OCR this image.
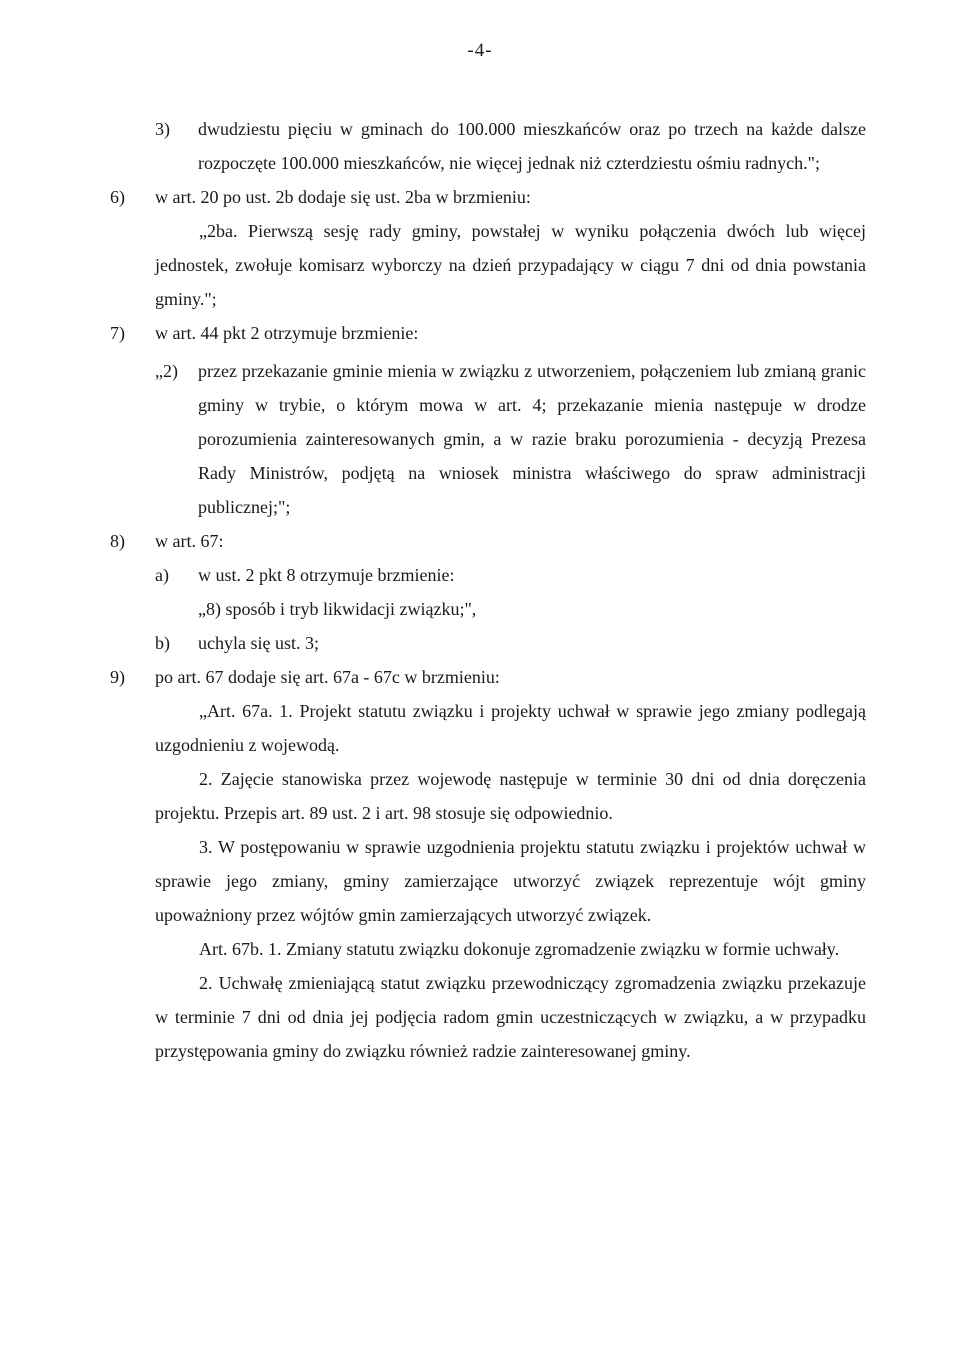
-4-
3) dwudziestu pięciu w gminach do 100.000 mieszkańców oraz po trzech na każde dalsze rozpoczęte 100.000 mieszkańców, nie więcej jednak niż czterdziestu ośmiu radnych.";
6) w art. 20 po ust. 2b dodaje się ust. 2ba w brzmieniu:
„2ba. Pierwszą sesję rady gminy, powstałej w wyniku połączenia dwóch lub więcej jednostek, zwołuje komisarz wyborczy na dzień przypadający w ciągu 7 dni od dnia powstania gminy.";
7) w art. 44 pkt 2 otrzymuje brzmienie:
„2) przez przekazanie gminie mienia w związku z utworzeniem, połączeniem lub zmianą granic gminy w trybie, o którym mowa w art. 4; przekazanie mienia następuje w drodze porozumienia zainteresowanych gmin, a w razie braku porozumienia - decyzją Prezesa Rady Ministrów, podjętą na wniosek ministra właściwego do spraw administracji publicznej;";
8) w art. 67:
a) w ust. 2 pkt 8 otrzymuje brzmienie:
„8) sposób i tryb likwidacji związku;",
b) uchyla się ust. 3;
9) po art. 67 dodaje się art. 67a - 67c w brzmieniu:
„Art. 67a. 1. Projekt statutu związku i projekty uchwał w sprawie jego zmiany podlegają uzgodnieniu z wojewodą.
2. Zajęcie stanowiska przez wojewodę następuje w terminie 30 dni od dnia doręczenia projektu. Przepis art. 89 ust. 2 i art. 98 stosuje się odpowiednio.
3. W postępowaniu w sprawie uzgodnienia projektu statutu związku i projektów uchwał w sprawie jego zmiany, gminy zamierzające utworzyć związek reprezentuje wójt gminy upoważniony przez wójtów gmin zamierzających utworzyć związek.
Art. 67b. 1. Zmiany statutu związku dokonuje zgromadzenie związku w formie uchwały.
2. Uchwałę zmieniającą statut związku przewodniczący zgromadzenia związku przekazuje w terminie 7 dni od dnia jej podjęcia radom gmin uczestniczących w związku, a w przypadku przystępowania gminy do związku również radzie zainteresowanej gminy.
